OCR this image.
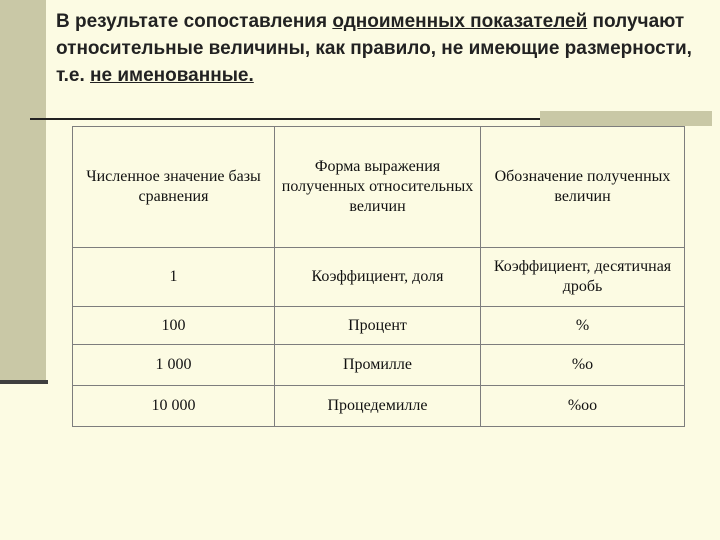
В результате сопоставления одноименных показателей получают относительные величины, как правило, не имеющие размерности, т.е. не именованные.
Численное значение базы сравнения	Форма выражения полученных относительных величин	Обозначение полученных величин
1	Коэффициент, доля	Коэффициент, десятичная дробь
100	Процент	%
1 000	Промилле	%o
10 000	Процедемилле	%oo
